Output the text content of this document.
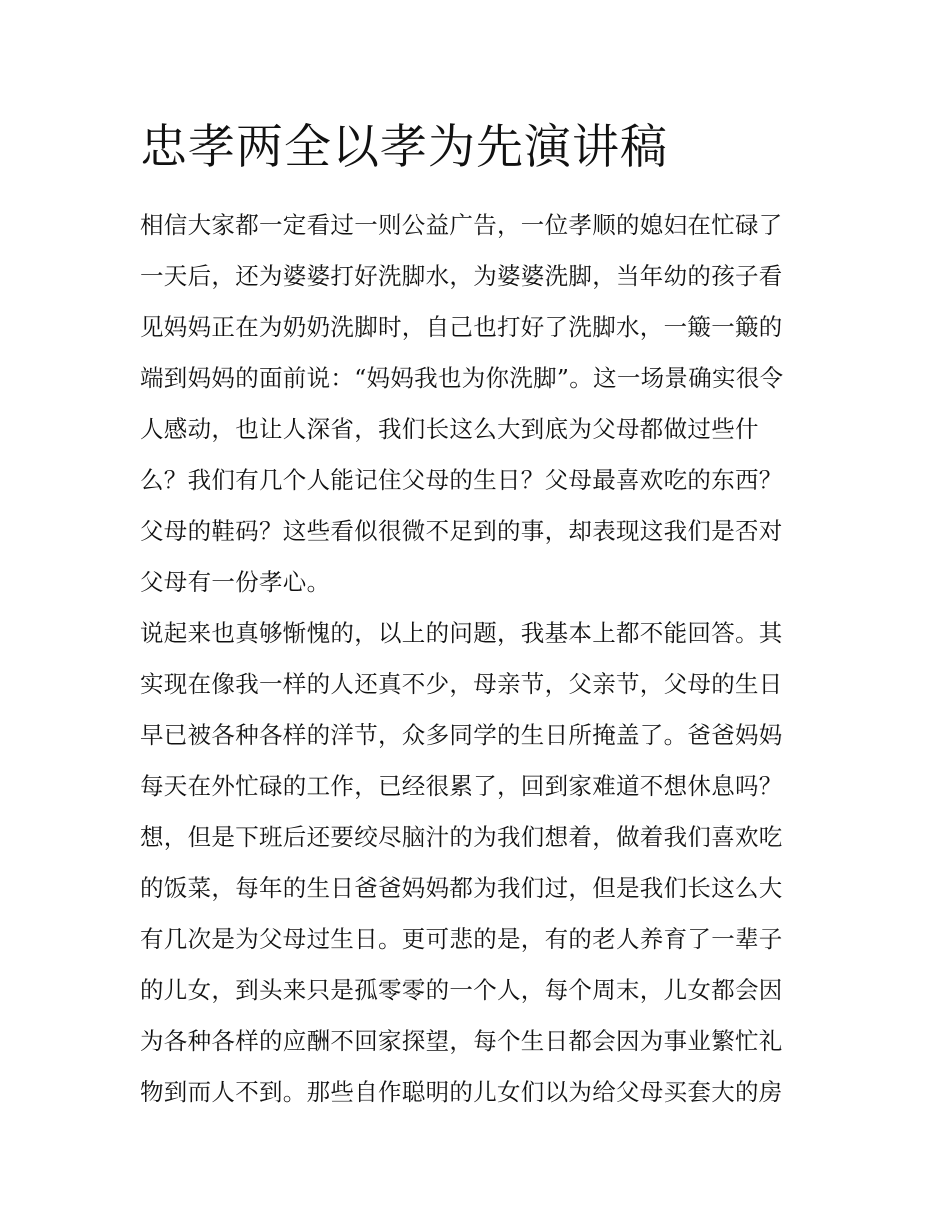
忠孝两全以孝为先演讲稿
相信大家都一定看过一则公益广告，一位孝顺的媳妇在忙碌了
一天后，还为婆婆打好洗脚水，为婆婆洗脚，当年幼的孩子看
见妈妈正在为奶奶洗脚时，自己也打好了洗脚水，一簸一簸的
端到妈妈的面前说：“妈妈我也为你洗脚”。这一场景确实很令
人感动，也让人深省，我们长这么大到底为父母都做过些什
么？我们有几个人能记住父母的生日？父母最喜欢吃的东西？
父母的鞋码？这些看似很微不足到的事，却表现这我们是否对
父母有一份孝心。
说起来也真够惭愧的，以上的问题，我基本上都不能回答。其
实现在像我一样的人还真不少，母亲节，父亲节，父母的生日
早已被各种各样的洋节，众多同学的生日所掩盖了。爸爸妈妈
每天在外忙碌的工作，已经很累了，回到家难道不想休息吗？
想，但是下班后还要绞尽脑汁的为我们想着，做着我们喜欢吃
的饭菜，每年的生日爸爸妈妈都为我们过，但是我们长这么大
有几次是为父母过生日。更可悲的是，有的老人养育了一辈子
的儿女，到头来只是孤零零的一个人，每个周末，儿女都会因
为各种各样的应酬不回家探望，每个生日都会因为事业繁忙礼
物到而人不到。那些自作聪明的儿女们以为给父母买套大的房
